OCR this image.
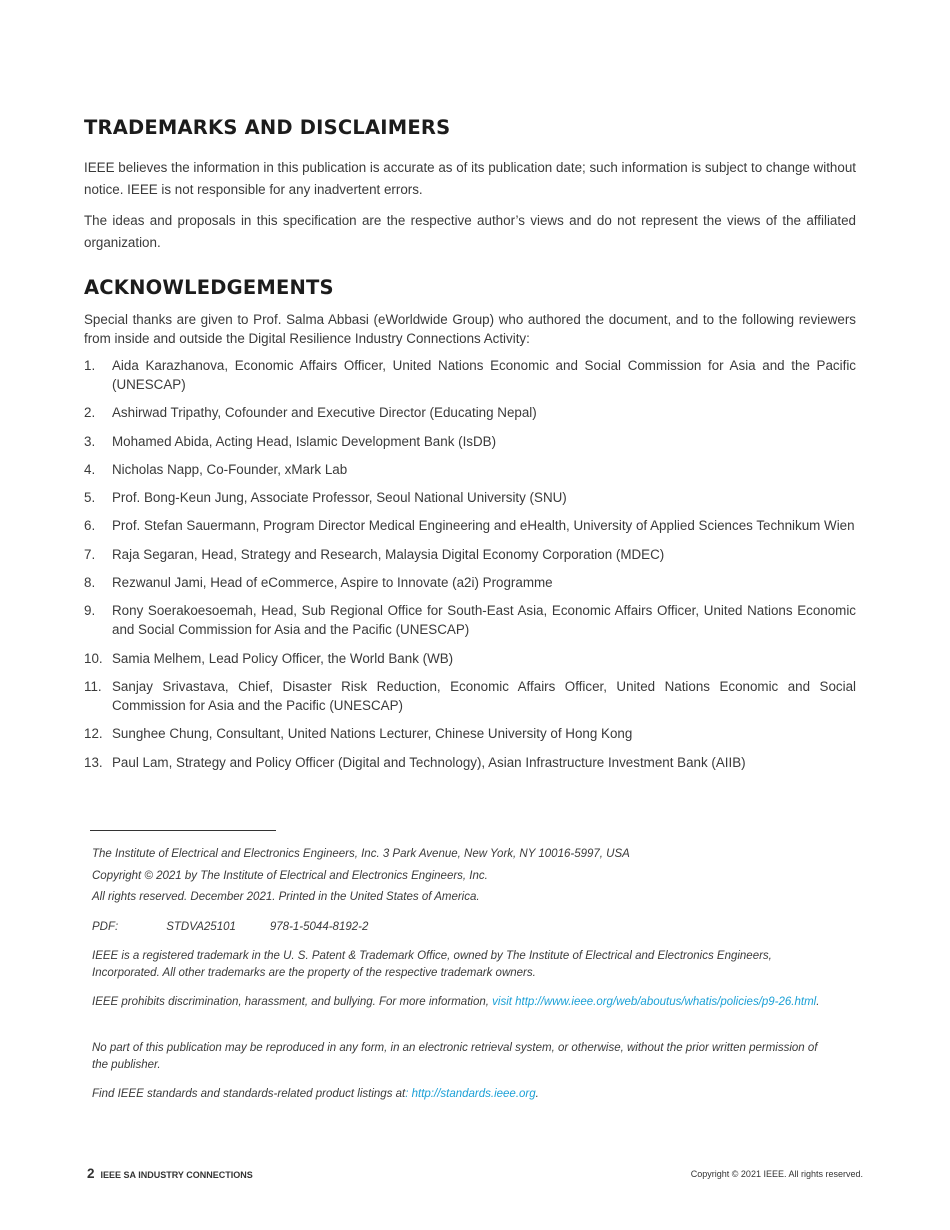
TRADEMARKS AND DISCLAIMERS

IEEE believes the information in this publication is accurate as of its publication date; such information is subject to change without notice. IEEE is not responsible for any inadvertent errors.

The ideas and proposals in this specification are the respective author’s views and do not represent the views of the affiliated organization.

ACKNOWLEDGEMENTS

Special thanks are given to Prof. Salma Abbasi (eWorldwide Group) who authored the document, and to the following reviewers from inside and outside the Digital Resilience Industry Connections Activity:

1. Aida Karazhanova, Economic Affairs Officer, United Nations Economic and Social Commission for Asia and the Pacific (UNESCAP)
2. Ashirwad Tripathy, Cofounder and Executive Director (Educating Nepal)
3. Mohamed Abida, Acting Head, Islamic Development Bank (IsDB)
4. Nicholas Napp, Co-Founder, xMark Lab
5. Prof. Bong-Keun Jung, Associate Professor, Seoul National University (SNU)
6. Prof. Stefan Sauermann, Program Director Medical Engineering and eHealth, University of Applied Sciences Technikum Wien
7. Raja Segaran, Head, Strategy and Research, Malaysia Digital Economy Corporation (MDEC)
8. Rezwanul Jami, Head of eCommerce, Aspire to Innovate (a2i) Programme
9. Rony Soerakoesoemah, Head, Sub Regional Office for South-East Asia, Economic Affairs Officer, United Nations Economic and Social Commission for Asia and the Pacific (UNESCAP)
10. Samia Melhem, Lead Policy Officer, the World Bank (WB)
11. Sanjay Srivastava, Chief, Disaster Risk Reduction, Economic Affairs Officer, United Nations Economic and Social Commission for Asia and the Pacific (UNESCAP)
12. Sunghee Chung, Consultant, United Nations Lecturer, Chinese University of Hong Kong
13. Paul Lam, Strategy and Policy Officer (Digital and Technology), Asian Infrastructure Investment Bank (AIIB)

The Institute of Electrical and Electronics Engineers, Inc. 3 Park Avenue, New York, NY 10016-5997, USA

Copyright © 2021 by The Institute of Electrical and Electronics Engineers, Inc.

All rights reserved. December 2021. Printed in the United States of America.

PDF:	STDVA25101	978-1-5044-8192-2

IEEE is a registered trademark in the U. S. Patent & Trademark Office, owned by The Institute of Electrical and Electronics Engineers, Incorporated. All other trademarks are the property of the respective trademark owners.

IEEE prohibits discrimination, harassment, and bullying. For more information, visit http://www.ieee.org/web/aboutus/whatis/policies/p9-26.html.

No part of this publication may be reproduced in any form, in an electronic retrieval system, or otherwise, without the prior written permission of the publisher.

Find IEEE standards and standards-related product listings at: http://standards.ieee.org.

2 IEEE SA INDUSTRY CONNECTIONS	Copyright © 2021 IEEE. All rights reserved.
